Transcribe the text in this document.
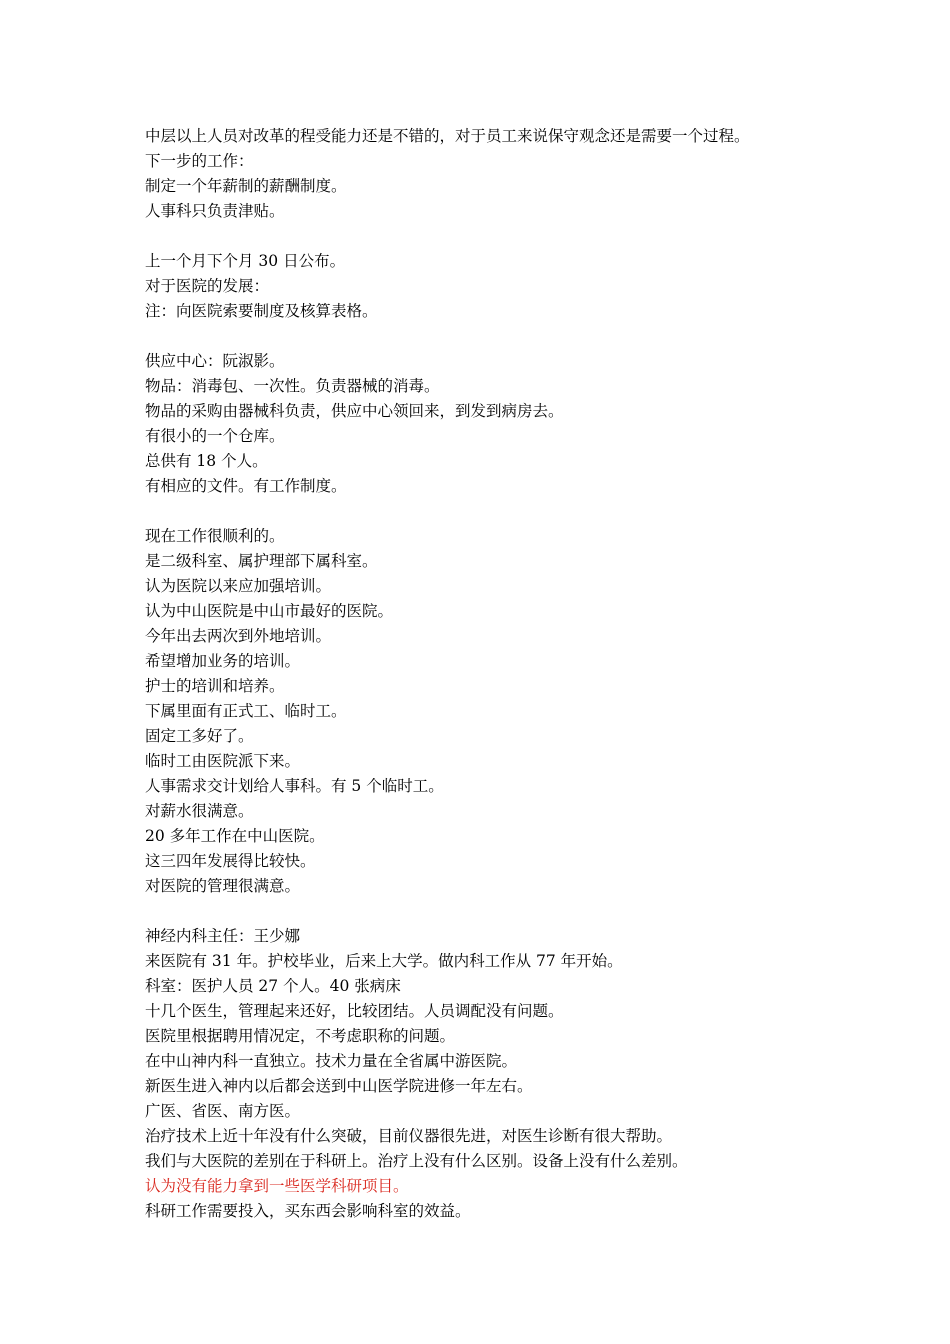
中层以上人员对改革的程受能力还是不错的，对于员工来说保守观念还是需要一个过程。
下一步的工作：
制定一个年薪制的薪酬制度。
人事科只负责津贴。
上一个月下个月 30 日公布。
对于医院的发展：
注：向医院索要制度及核算表格。
供应中心：阮淑影。
物品：消毒包、一次性。负责器械的消毒。
物品的采购由器械科负责，供应中心领回来，到发到病房去。
有很小的一个仓库。
总供有 18 个人。
有相应的文件。有工作制度。
现在工作很顺利的。
是二级科室、属护理部下属科室。
认为医院以来应加强培训。
认为中山医院是中山市最好的医院。
今年出去两次到外地培训。
希望增加业务的培训。
护士的培训和培养。
下属里面有正式工、临时工。
固定工多好了。
临时工由医院派下来。
人事需求交计划给人事科。有 5 个临时工。
对薪水很满意。
20 多年工作在中山医院。
这三四年发展得比较快。
对医院的管理很满意。
神经内科主任：王少娜
来医院有 31 年。护校毕业，后来上大学。做内科工作从 77 年开始。
科室：医护人员 27 个人。40 张病床
十几个医生，管理起来还好，比较团结。人员调配没有问题。
医院里根据聘用情况定，不考虑职称的问题。
在中山神内科一直独立。技术力量在全省属中游医院。
新医生进入神内以后都会送到中山医学院进修一年左右。
广医、省医、南方医。
治疗技术上近十年没有什么突破，目前仪器很先进，对医生诊断有很大帮助。
我们与大医院的差别在于科研上。治疗上没有什么区别。设备上没有什么差别。
认为没有能力拿到一些医学科研项目。
科研工作需要投入，买东西会影响科室的效益。
